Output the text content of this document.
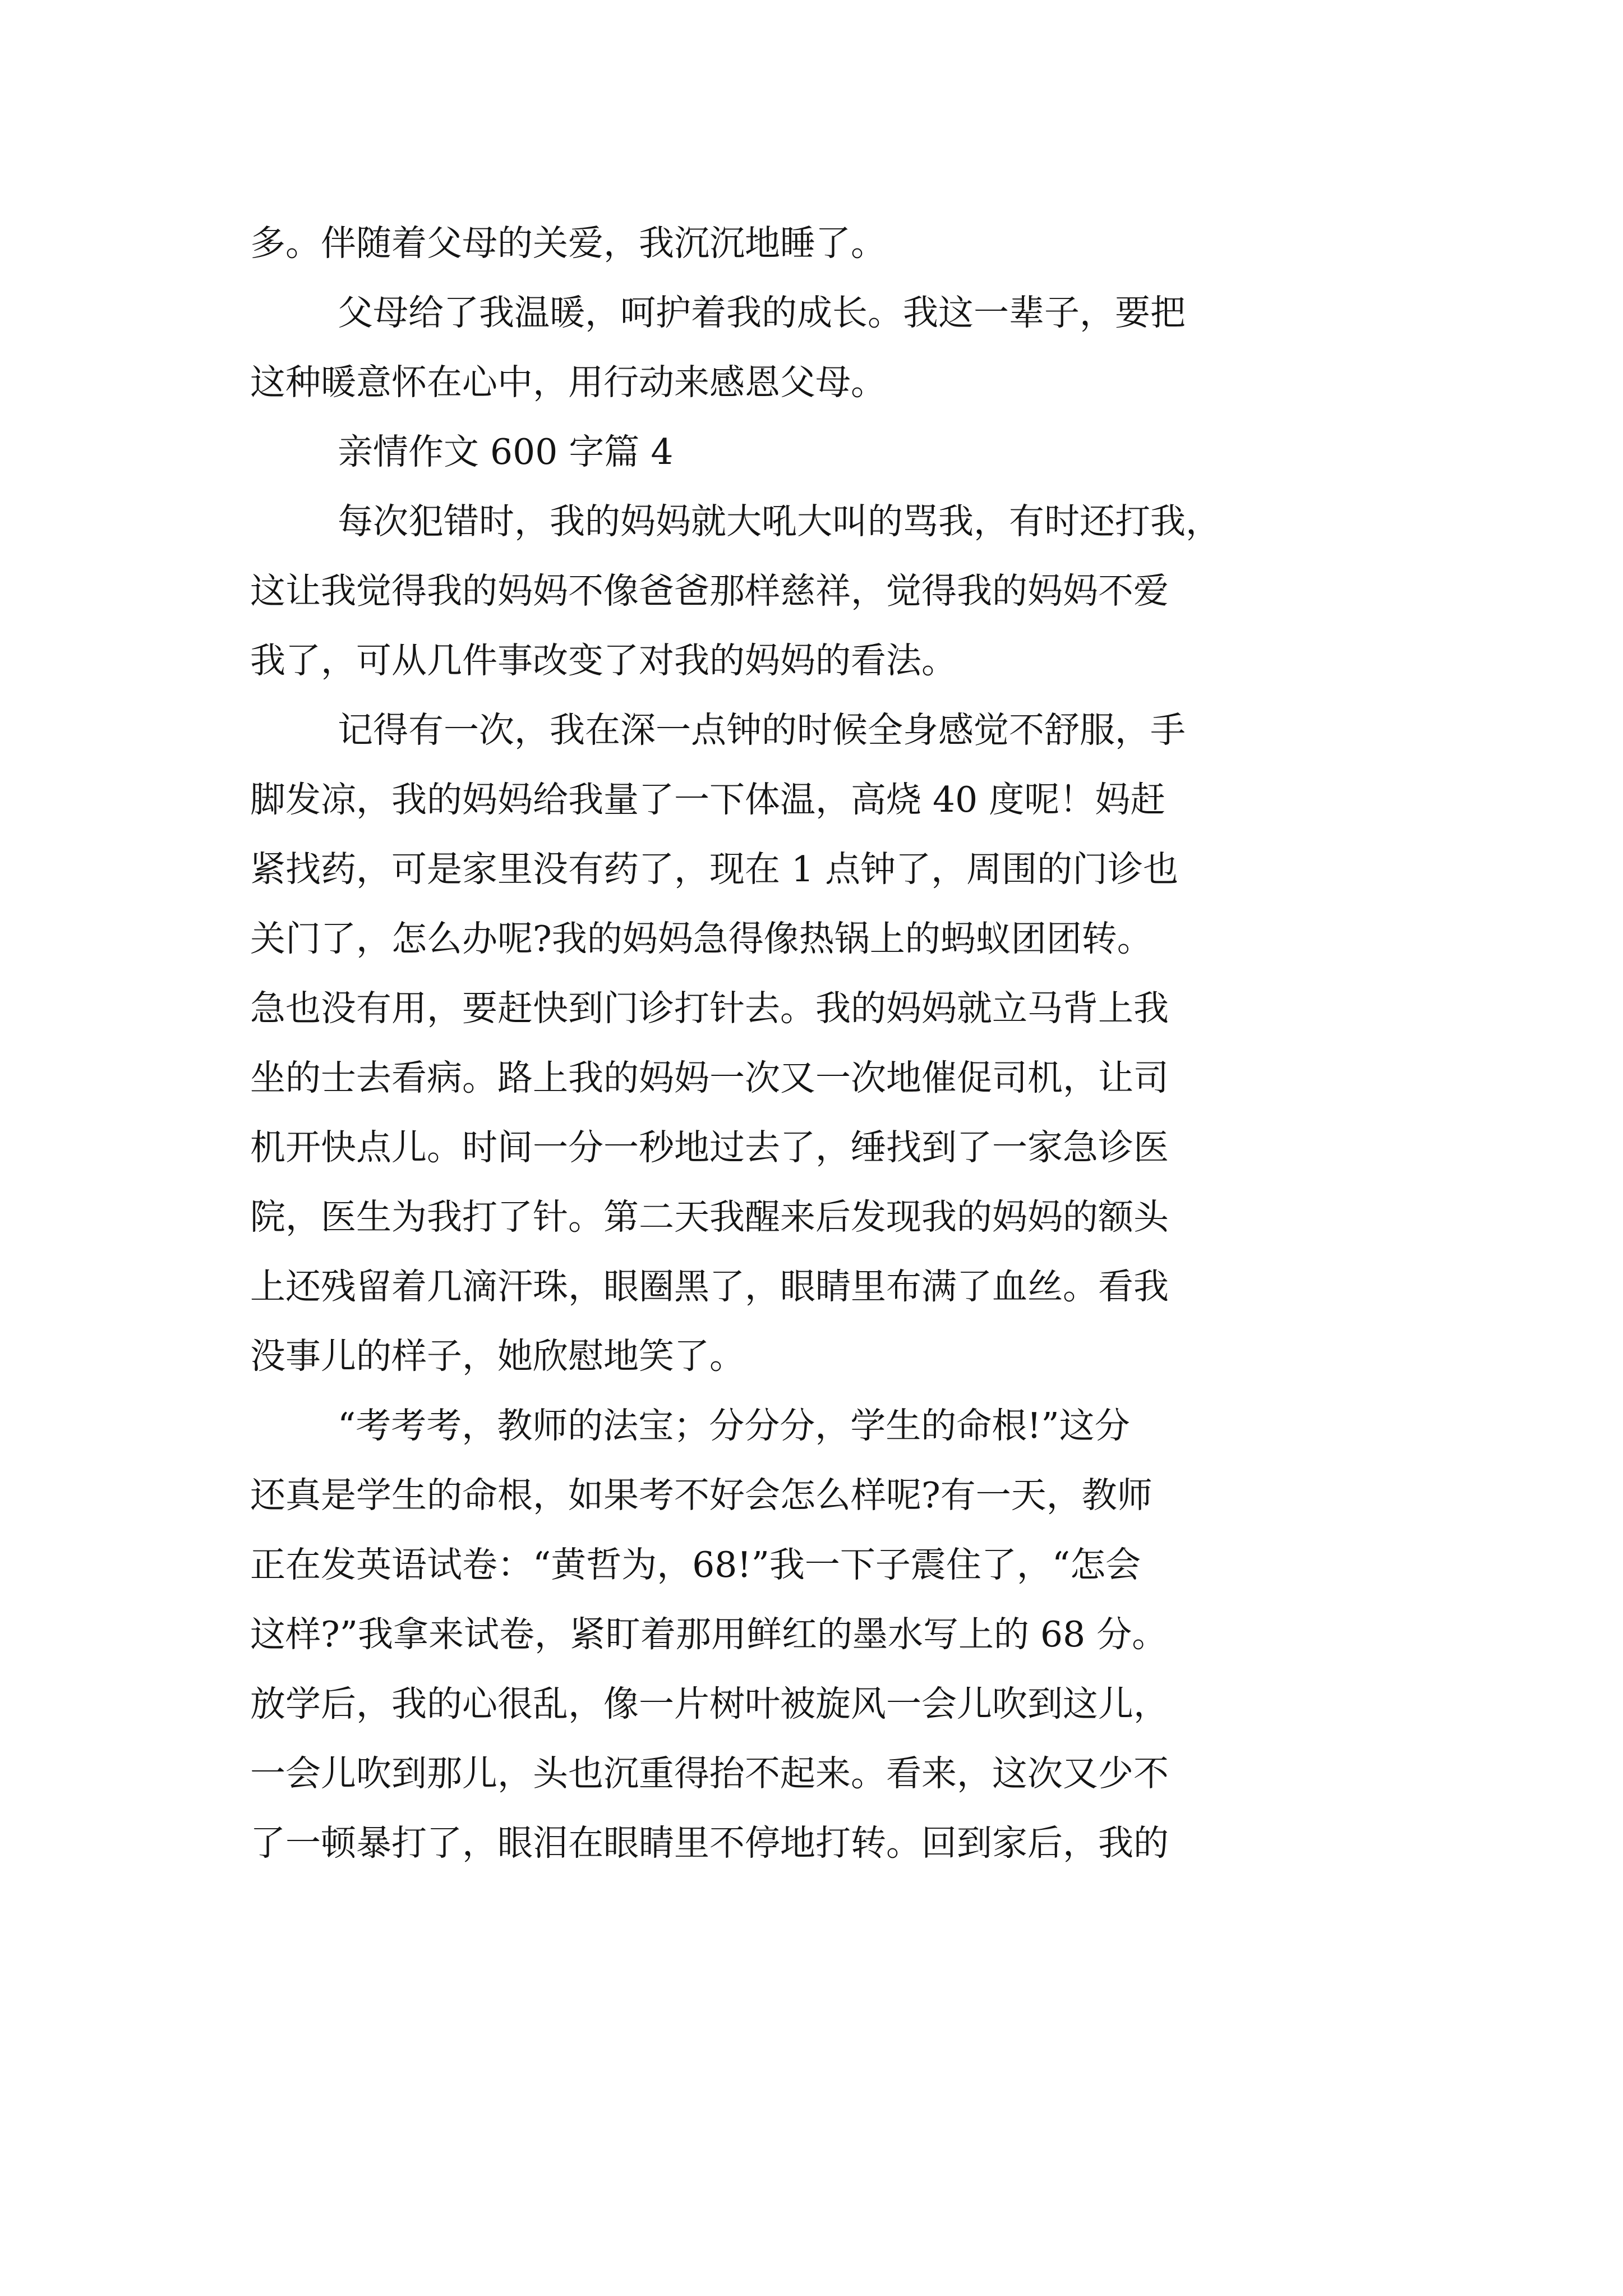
多。伴随着父母的关爱，我沉沉地睡了。
父母给了我温暖，呵护着我的成长。我这一辈子，要把
这种暖意怀在心中，用行动来感恩父母。
亲情作文 600 字篇 4
每次犯错时，我的妈妈就大吼大叫的骂我，有时还打我，
这让我觉得我的妈妈不像爸爸那样慈祥，觉得我的妈妈不爱
我了，可从几件事改变了对我的妈妈的看法。
记得有一次，我在深一点钟的时候全身感觉不舒服，手
脚发凉，我的妈妈给我量了一下体温，高烧 40 度呢！妈赶
紧找药，可是家里没有药了，现在 1 点钟了，周围的门诊也
关门了，怎么办呢?我的妈妈急得像热锅上的蚂蚁团团转。
急也没有用，要赶快到门诊打针去。我的妈妈就立马背上我
坐的士去看病。路上我的妈妈一次又一次地催促司机，让司
机开快点儿。时间一分一秒地过去了，缍找到了一家急诊医
院，医生为我打了针。第二天我醒来后发现我的妈妈的额头
上还残留着几滴汗珠，眼圈黑了，眼睛里布满了血丝。看我
没事儿的样子，她欣慰地笑了。
“考考考，教师的法宝；分分分，学生的命根!”这分
还真是学生的命根，如果考不好会怎么样呢?有一天，教师
正在发英语试卷：“黄哲为，68!”我一下子震住了，“怎会
这样?”我拿来试卷，紧盯着那用鲜红的墨水写上的 68 分。
放学后，我的心很乱，像一片树叶被旋风一会儿吹到这儿，
一会儿吹到那儿，头也沉重得抬不起来。看来，这次又少不
了一顿暴打了，眼泪在眼睛里不停地打转。回到家后，我的
